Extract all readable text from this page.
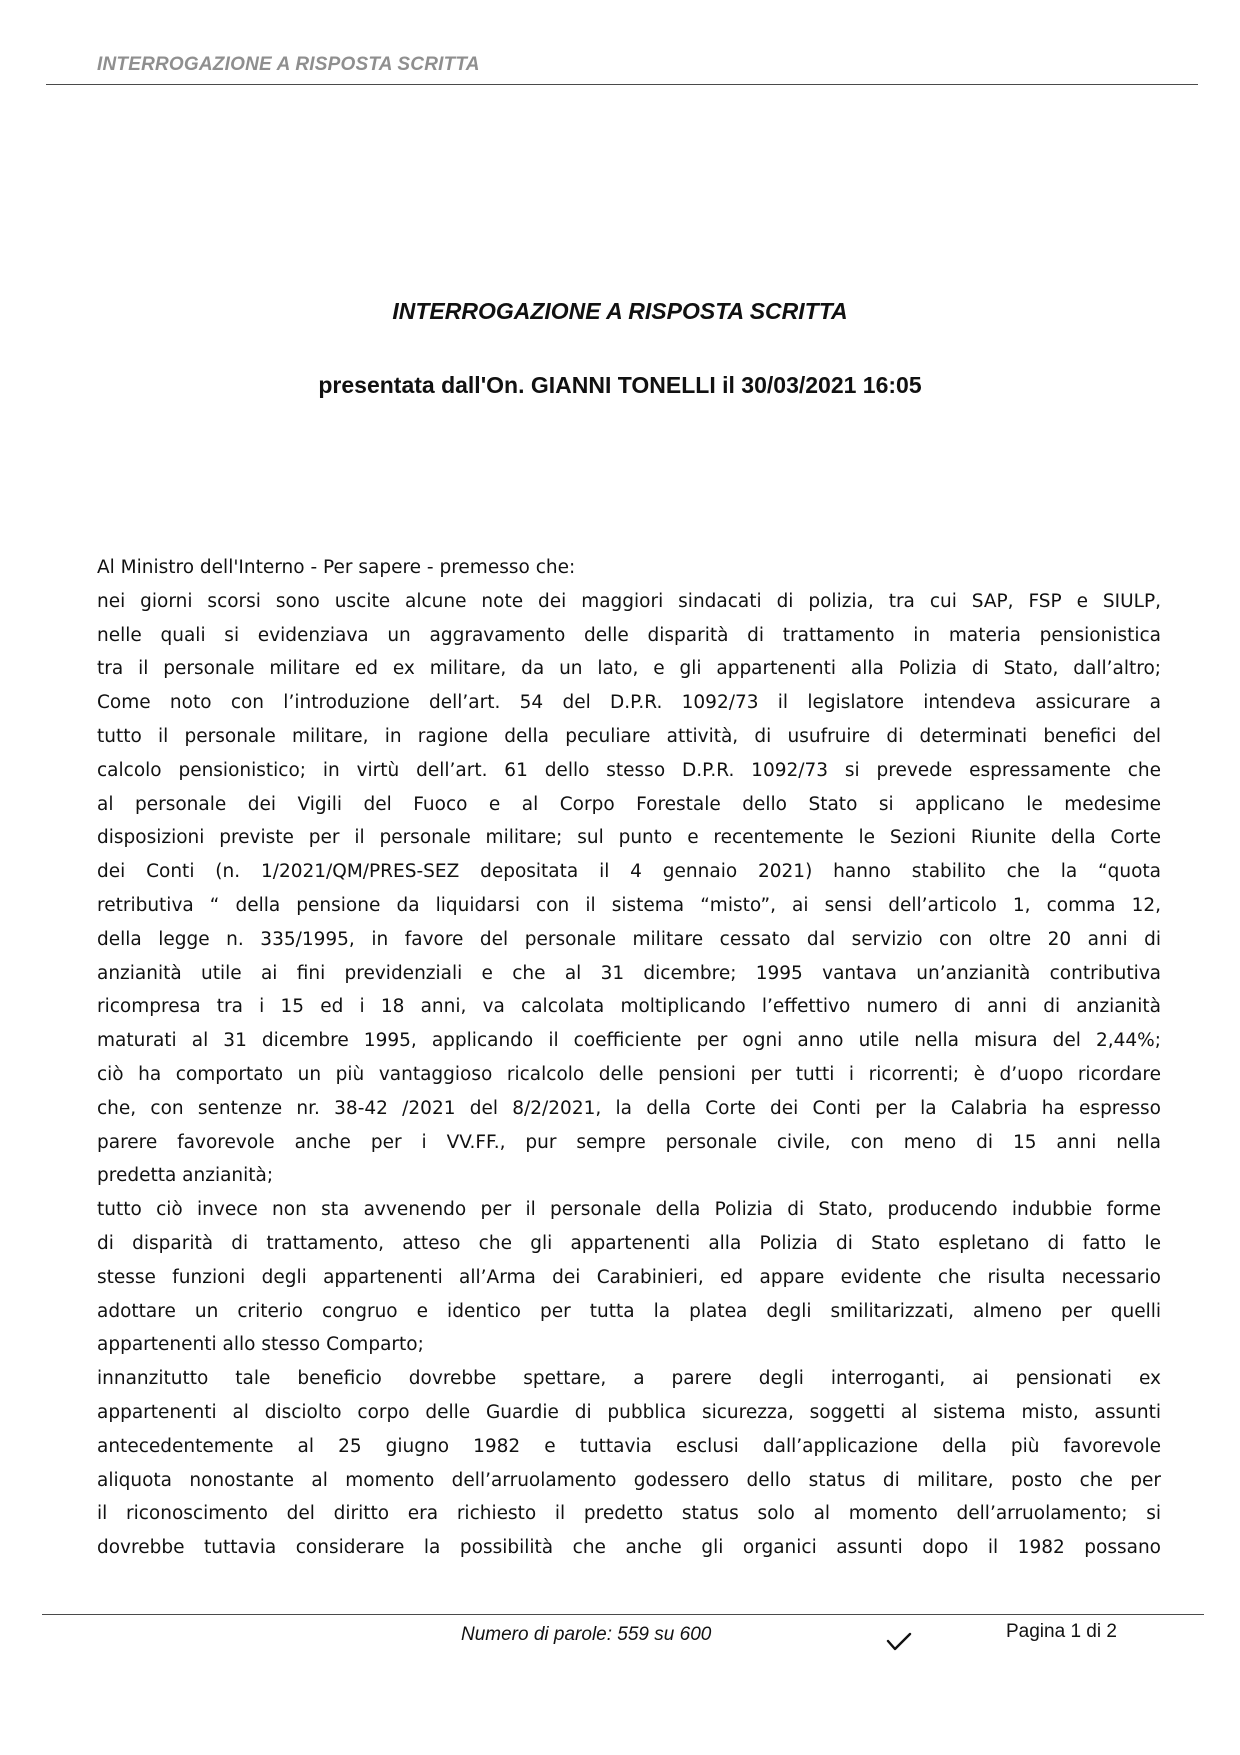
INTERROGAZIONE A RISPOSTA SCRITTA
INTERROGAZIONE A RISPOSTA SCRITTA
presentata dall'On. GIANNI TONELLI il 30/03/2021 16:05
Al Ministro dell'Interno - Per sapere - premesso che:
nei giorni scorsi sono uscite alcune note dei maggiori sindacati di polizia, tra cui SAP, FSP e SIULP,
nelle quali si evidenziava un aggravamento delle disparità di trattamento in materia pensionistica
tra il personale militare ed ex militare, da un lato, e gli appartenenti alla Polizia di Stato, dall’altro;
Come noto con l’introduzione dell’art. 54 del D.P.R. 1092/73 il legislatore intendeva assicurare a
tutto il personale militare, in ragione della peculiare attività, di usufruire di determinati benefici del
calcolo pensionistico; in virtù dell’art. 61 dello stesso D.P.R. 1092/73 si prevede espressamente che
al personale dei Vigili del Fuoco e al Corpo Forestale dello Stato si applicano le medesime
disposizioni previste per il personale militare; sul punto e recentemente le Sezioni Riunite della Corte
dei Conti (n. 1/2021/QM/PRES-SEZ depositata il 4 gennaio 2021) hanno stabilito che la “quota
retributiva “ della pensione da liquidarsi con il sistema “misto”, ai sensi dell’articolo 1, comma 12,
della legge n. 335/1995, in favore del personale militare cessato dal servizio con oltre 20 anni di
anzianità utile ai fini previdenziali e che al 31 dicembre; 1995 vantava un’anzianità contributiva
ricompresa tra i 15 ed i 18 anni, va calcolata moltiplicando l’effettivo numero di anni di anzianità
maturati al 31 dicembre 1995, applicando il coefficiente per ogni anno utile nella misura del 2,44%;
ciò ha comportato un più vantaggioso ricalcolo delle pensioni per tutti i ricorrenti; è d’uopo ricordare
che, con sentenze nr. 38-42 /2021 del 8/2/2021, la della Corte dei Conti per la Calabria ha espresso
parere favorevole anche per i VV.FF., pur sempre personale civile, con meno di 15 anni nella
predetta anzianità;
tutto ciò invece non sta avvenendo per il personale della Polizia di Stato, producendo indubbie forme
di disparità di trattamento, atteso che gli appartenenti alla Polizia di Stato espletano di fatto le
stesse funzioni degli appartenenti all’Arma dei Carabinieri, ed appare evidente che risulta necessario
adottare un criterio congruo e identico per tutta la platea degli smilitarizzati, almeno per quelli
appartenenti allo stesso Comparto;
innanzitutto tale beneficio dovrebbe spettare, a parere degli interroganti, ai pensionati ex
appartenenti al disciolto corpo delle Guardie di pubblica sicurezza, soggetti al sistema misto, assunti
antecedentemente al 25 giugno 1982 e tuttavia esclusi dall’applicazione della più favorevole
aliquota nonostante al momento dell’arruolamento godessero dello status di militare, posto che per
il riconoscimento del diritto era richiesto il predetto status solo al momento dell’arruolamento; si
dovrebbe tuttavia considerare la possibilità che anche gli organici assunti dopo il 1982 possano
Numero di parole: 559 su 600	Pagina 1 di 2
